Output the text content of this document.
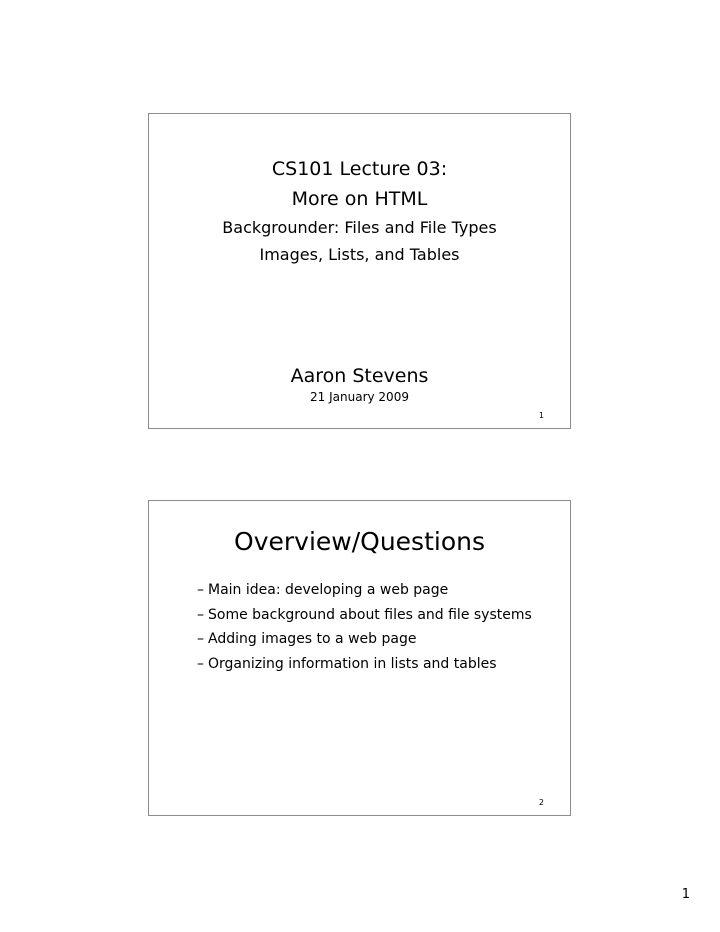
CS101 Lecture 03:
More on HTML
Backgrounder: Files and File Types
Images, Lists, and Tables
Aaron Stevens
21 January 2009
1
Overview/Questions
– Main idea: developing a web page
– Some background about files and file systems
– Adding images to a web page
– Organizing information in lists and tables
2
1
